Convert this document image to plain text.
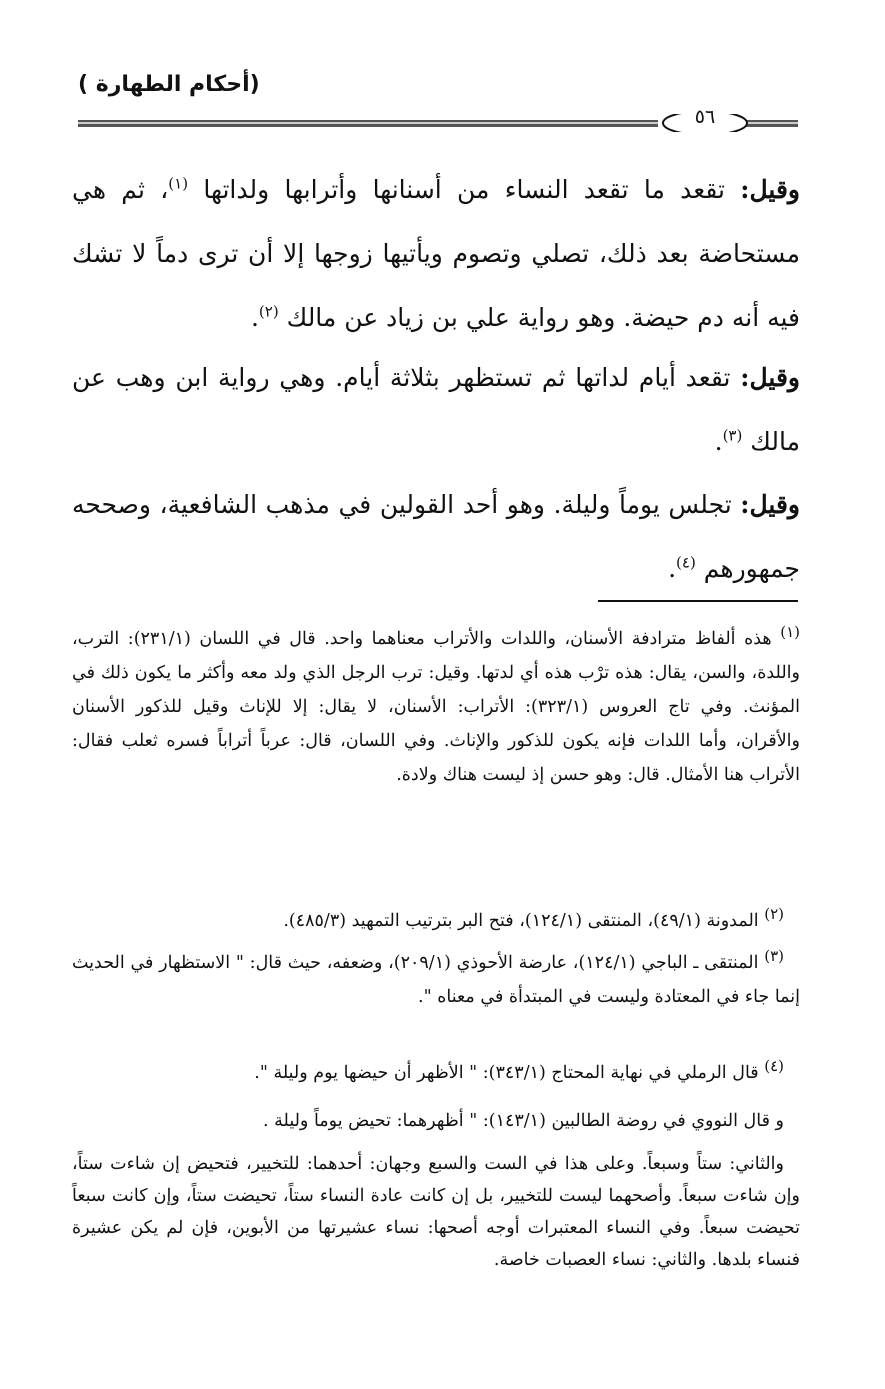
(أحكام الطهارة )
٥٦

وقيل: تقعد ما تقعد النساء من أسنانها وأترابها ولداتها $^{(١)}$، ثم هي مستحاضة بعد ذلك، تصلي وتصوم ويأتيها زوجها إلا أن ترى دماً لا تشك فيه أنه دم حيضة. وهو رواية علي بن زياد عن مالك $^{(٢)}$.

وقيل: تقعد أيام لداتها ثم تستظهر بثلاثة أيام. وهي رواية ابن وهب عن مالك $^{(٣)}$.

وقيل: تجلس يوماً وليلة. وهو أحد القولين في مذهب الشافعية، وصححه جمهورهم $^{(٤)}$.

$^{(١)}$ هذه ألفاظ مترادفة الأسنان، واللدات والأتراب معناهما واحد. قال في اللسان (٢٣١/١): الترب، واللدة، والسن، يقال: هذه ترْب هذه أي لدتها. وقيل: ترب الرجل الذي ولد معه وأكثر ما يكون ذلك في المؤنث. وفي تاج العروس (٣٢٣/١): الأتراب: الأسنان، لا يقال: إلا للإناث وقيل للذكور الأسنان والأقران، وأما اللدات فإنه يكون للذكور والإناث. وفي اللسان، قال: عرباً أتراباً فسره ثعلب فقال: الأتراب هنا الأمثال. قال: وهو حسن إذ ليست هناك ولادة.

$^{(٢)}$ المدونة (٤٩/١)، المنتقى (١٢٤/١)، فتح البر بترتيب التمهيد (٤٨٥/٣).

$^{(٣)}$ المنتقى ـ الباجي (١٢٤/١)، عارضة الأحوذي (٢٠٩/١)، وضعفه، حيث قال: " الاستظهار في الحديث إنما جاء في المعتادة وليست في المبتدأة في معناه ".

$^{(٤)}$ قال الرملي في نهاية المحتاج (٣٤٣/١): " الأظهر أن حيضها يوم وليلة ".

و قال النووي في روضة الطالبين (١٤٣/١): " أظهرهما: تحيض يوماً وليلة .

والثاني: ستاً وسبعاً. وعلى هذا في الست والسبع وجهان: أحدهما: للتخيير، فتحيض إن شاءت ستاً، وإن شاءت سبعاً. وأصحهما ليست للتخيير، بل إن كانت عادة النساء ستاً، تحيضت ستاً، وإن كانت سبعاً تحيضت سبعاً. وفي النساء المعتبرات أوجه أصحها: نساء عشيرتها من الأبوين، فإن لم يكن عشيرة فنساء بلدها. والثاني: نساء العصبات خاصة.
